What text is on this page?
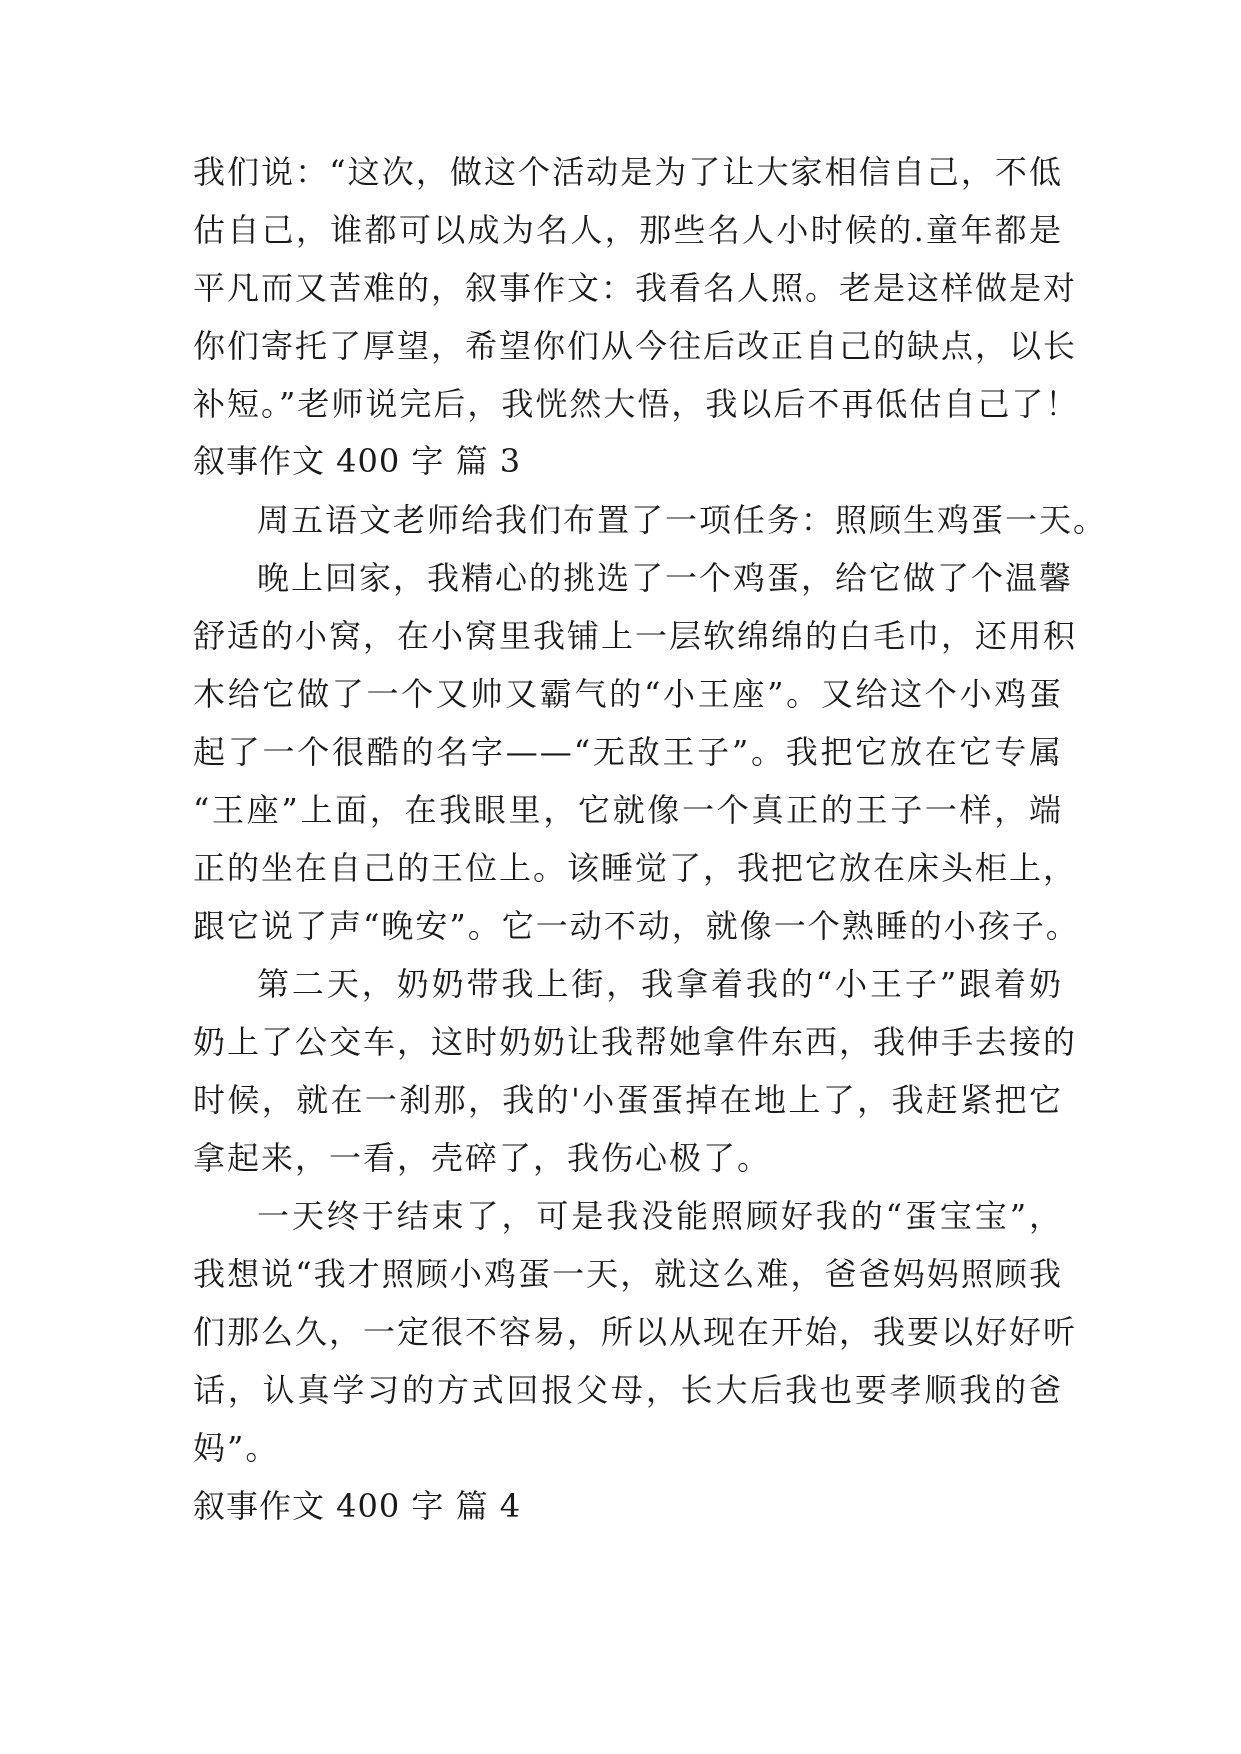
我们说：“这次，做这个活动是为了让大家相信自己，不低
估自己，谁都可以成为名人，那些名人小时候的.童年都是
平凡而又苦难的，叙事作文：我看名人照。老是这样做是对
你们寄托了厚望，希望你们从今往后改正自己的缺点，以长
补短。”老师说完后，我恍然大悟，我以后不再低估自己了！
叙事作文 400 字 篇 3
周五语文老师给我们布置了一项任务：照顾生鸡蛋一天。
晚上回家，我精心的挑选了一个鸡蛋，给它做了个温馨
舒适的小窝，在小窝里我铺上一层软绵绵的白毛巾，还用积
木给它做了一个又帅又霸气的“小王座”。又给这个小鸡蛋
起了一个很酷的名字——“无敌王子”。我把它放在它专属
“王座”上面，在我眼里，它就像一个真正的王子一样，端
正的坐在自己的王位上。该睡觉了，我把它放在床头柜上，
跟它说了声“晚安”。它一动不动，就像一个熟睡的小孩子。
第二天，奶奶带我上街，我拿着我的“小王子”跟着奶
奶上了公交车，这时奶奶让我帮她拿件东西，我伸手去接的
时候，就在一刹那，我的'小蛋蛋掉在地上了，我赶紧把它
拿起来，一看，壳碎了，我伤心极了。
一天终于结束了，可是我没能照顾好我的“蛋宝宝”，
我想说“我才照顾小鸡蛋一天，就这么难，爸爸妈妈照顾我
们那么久，一定很不容易，所以从现在开始，我要以好好听
话，认真学习的方式回报父母，长大后我也要孝顺我的爸
妈”。
叙事作文 400 字 篇 4
